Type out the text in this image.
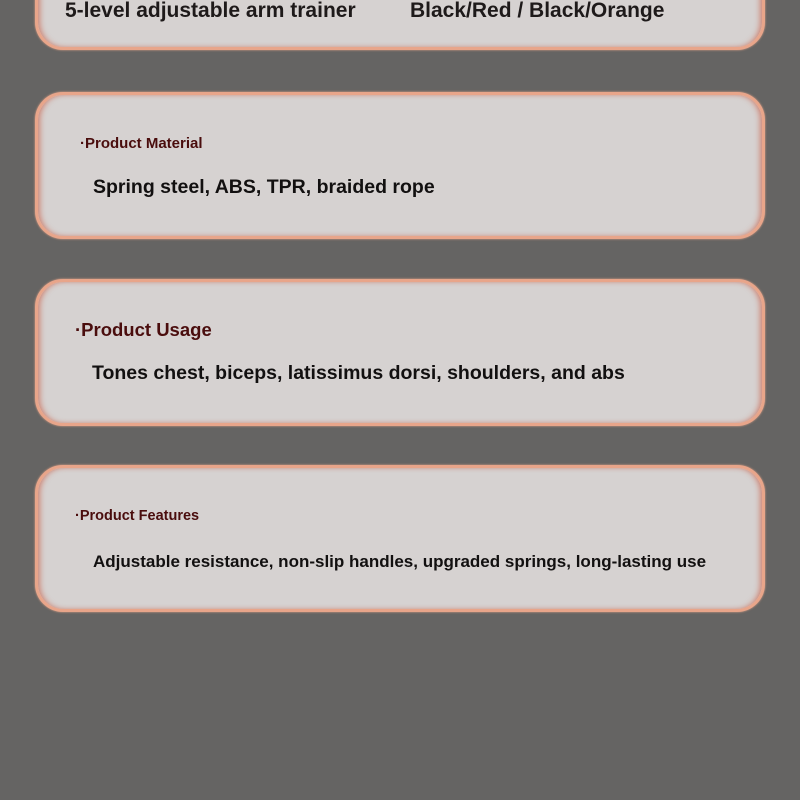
5-level adjustable arm trainer	Black/Red / Black/Orange
·Product Material
Spring steel, ABS, TPR, braided rope
·Product Usage
Tones chest, biceps, latissimus dorsi, shoulders, and abs
·Product Features
Adjustable resistance, non-slip handles, upgraded springs, long-lasting use
